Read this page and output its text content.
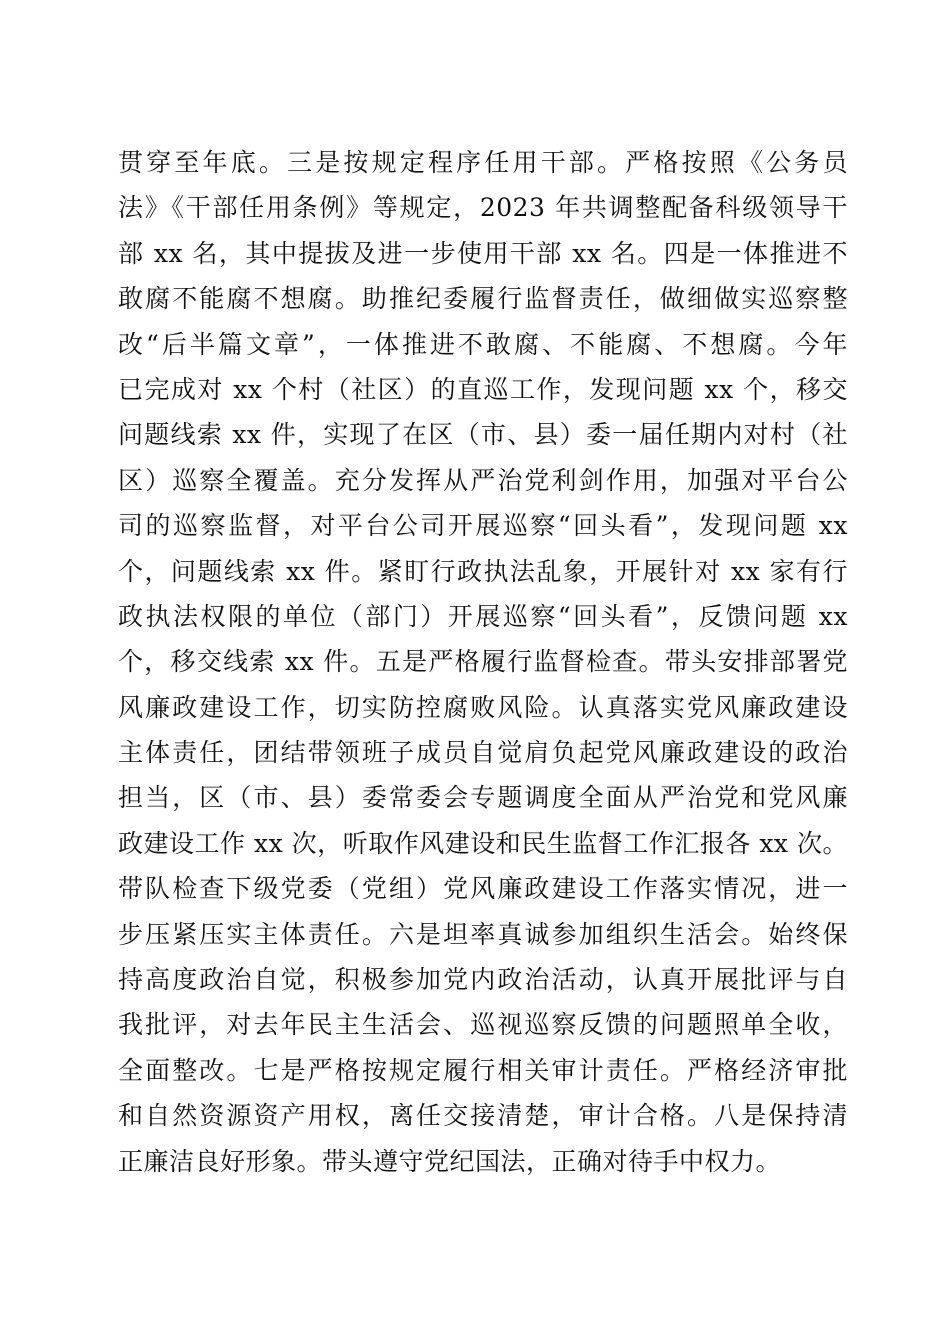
贯穿至年底。三是按规定程序任用干部。严格按照《公务员
法》《干部任用条例》等规定，2023 年共调整配备科级领导干
部 xx 名，其中提拔及进一步使用干部 xx 名。四是一体推进不
敢腐不能腐不想腐。助推纪委履行监督责任，做细做实巡察整
改“后半篇文章”，一体推进不敢腐、不能腐、不想腐。今年
已完成对 xx 个村（社区）的直巡工作，发现问题 xx 个，移交
问题线索 xx 件，实现了在区（市、县）委一届任期内对村（社
区）巡察全覆盖。充分发挥从严治党利剑作用，加强对平台公
司的巡察监督，对平台公司开展巡察“回头看”，发现问题 xx
个，问题线索 xx 件。紧盯行政执法乱象，开展针对 xx 家有行
政执法权限的单位（部门）开展巡察“回头看”，反馈问题 xx
个，移交线索 xx 件。五是严格履行监督检查。带头安排部署党
风廉政建设工作，切实防控腐败风险。认真落实党风廉政建设
主体责任，团结带领班子成员自觉肩负起党风廉政建设的政治
担当，区（市、县）委常委会专题调度全面从严治党和党风廉
政建设工作 xx 次，听取作风建设和民生监督工作汇报各 xx 次。
带队检查下级党委（党组）党风廉政建设工作落实情况，进一
步压紧压实主体责任。六是坦率真诚参加组织生活会。始终保
持高度政治自觉，积极参加党内政治活动，认真开展批评与自
我批评，对去年民主生活会、巡视巡察反馈的问题照单全收，
全面整改。七是严格按规定履行相关审计责任。严格经济审批
和自然资源资产用权，离任交接清楚，审计合格。八是保持清
正廉洁良好形象。带头遵守党纪国法，正确对待手中权力。
